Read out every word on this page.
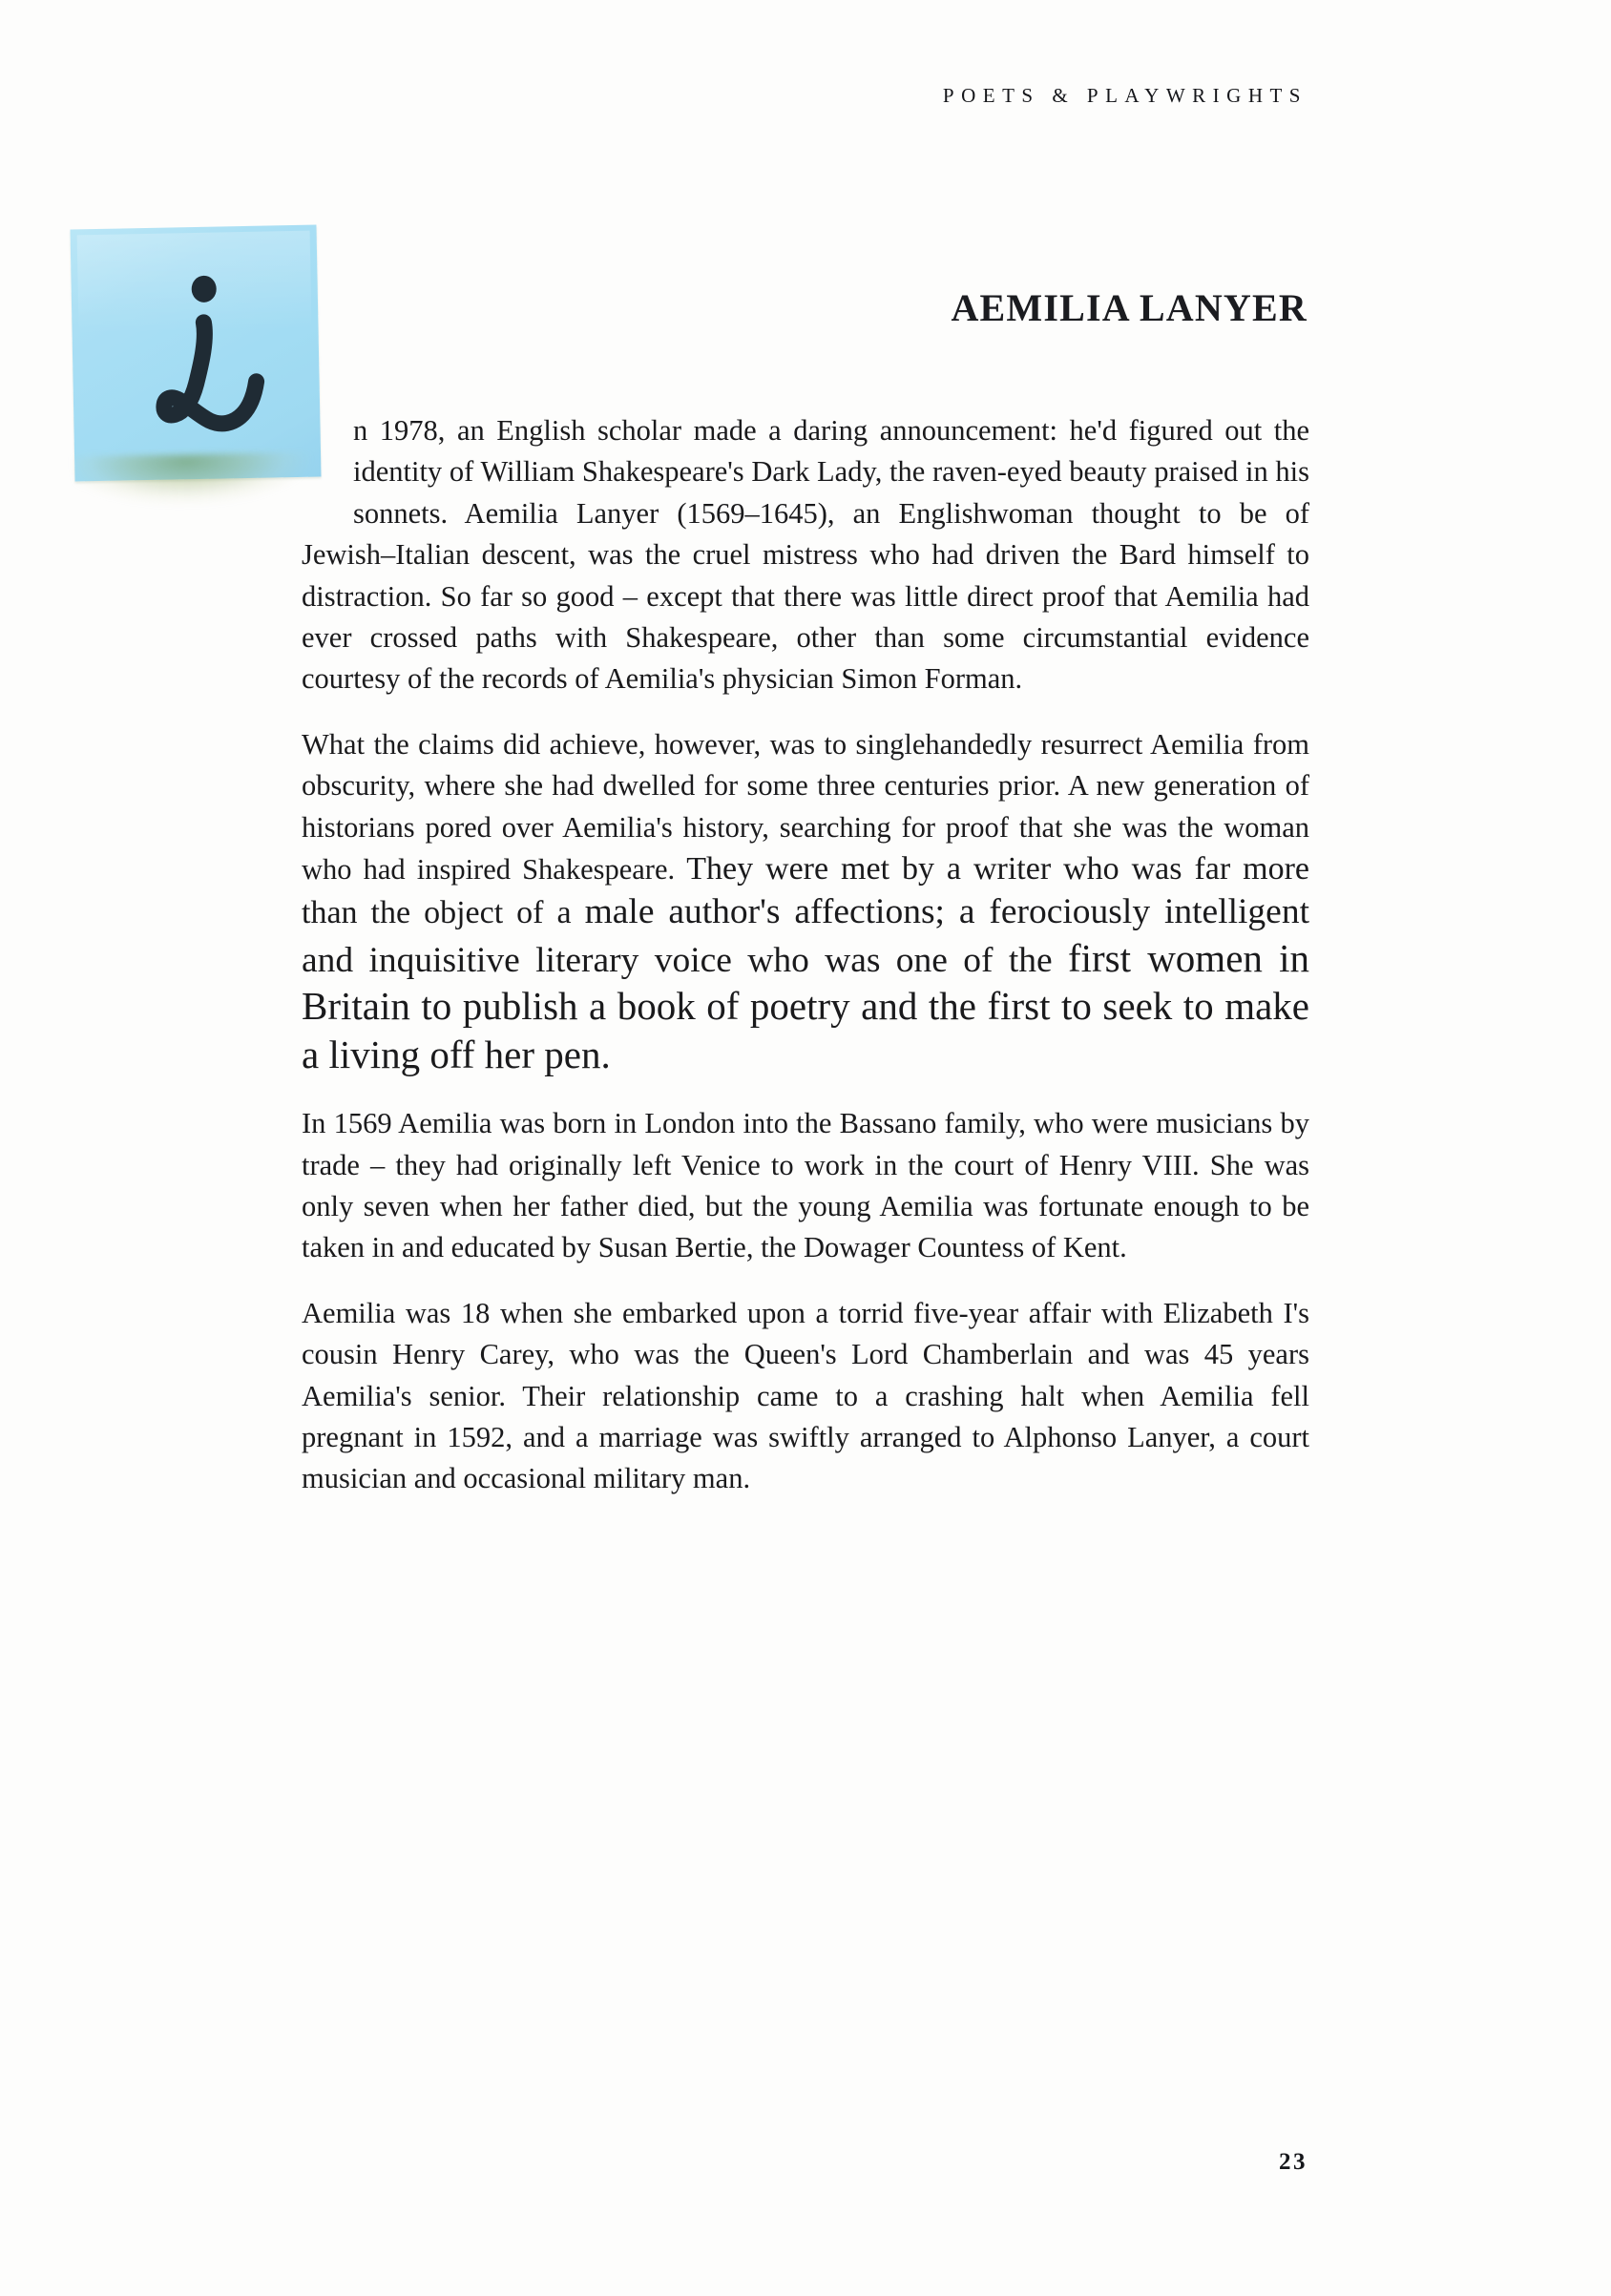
POETS & PLAYWRIGHTS
AEMILIA LANYER

n 1978, an English scholar made a daring announcement: he'd figured out the identity of William Shakespeare's Dark Lady, the raven-eyed beauty praised in his sonnets. Aemilia Lanyer (1569–1645), an Englishwoman thought to be of Jewish–Italian descent, was the cruel mistress who had driven the Bard himself to distraction. So far so good – except that there was little direct proof that Aemilia had ever crossed paths with Shakespeare, other than some circumstantial evidence courtesy of the records of Aemilia's physician Simon Forman.

What the claims did achieve, however, was to singlehandedly resurrect Aemilia from obscurity, where she had dwelled for some three centuries prior. A new generation of historians pored over Aemilia's history, searching for proof that she was the woman who had inspired Shakespeare. They were met by a writer who was far more than the object of a male author's affections; a ferociously intelligent and inquisitive literary voice who was one of the first women in Britain to publish a book of poetry and the first to seek to make a living off her pen.

In 1569 Aemilia was born in London into the Bassano family, who were musicians by trade – they had originally left Venice to work in the court of Henry VIII. She was only seven when her father died, but the young Aemilia was fortunate enough to be taken in and educated by Susan Bertie, the Dowager Countess of Kent.

Aemilia was 18 when she embarked upon a torrid five-year affair with Elizabeth I's cousin Henry Carey, who was the Queen's Lord Chamberlain and was 45 years Aemilia's senior. Their relationship came to a crashing halt when Aemilia fell pregnant in 1592, and a marriage was swiftly arranged to Alphonso Lanyer, a court musician and occasional military man.

23
